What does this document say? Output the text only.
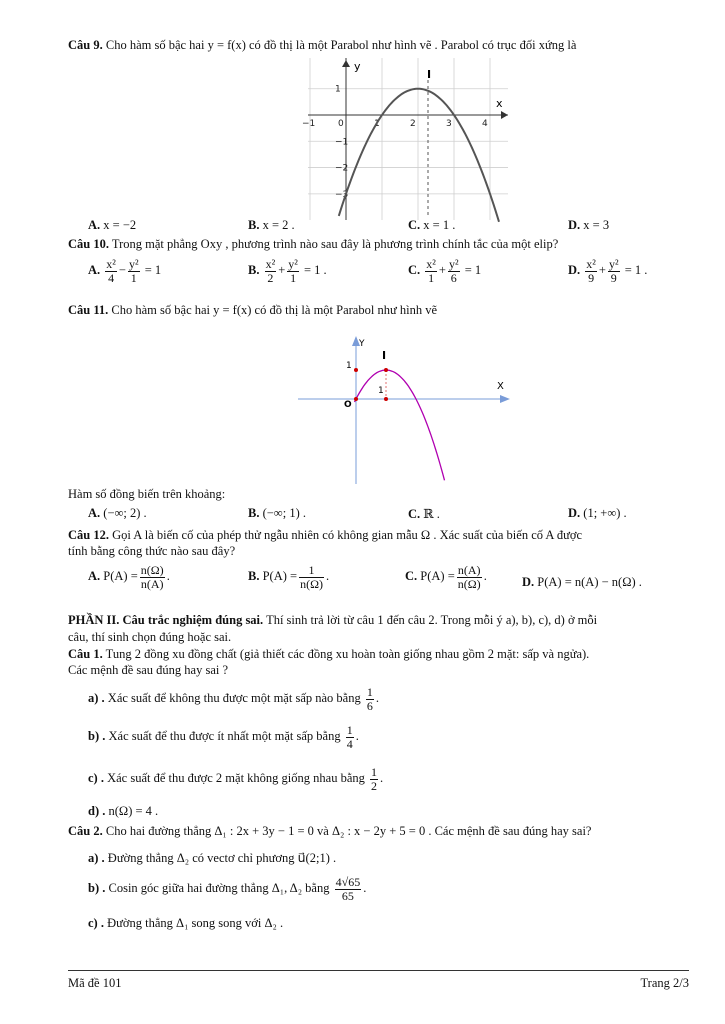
Câu 9. Cho hàm số bậc hai y = f(x) có đồ thị là một Parabol như hình vẽ . Parabol có trục đối xứng là
x
y
I
−1	0	1	2	3	4
1
−1
−2
−3
A. x = −2	B. x = 2 .	C. x = 1 .	D. x = 3
Câu 10. Trong mặt phẳng Oxy , phương trình nào sau đây là phương trình chính tắc của một elip?
A. $\frac{\text{x²}}{4} - \frac{\text{y²}}{1} = 1$	B. $\frac{\text{x²}}{2} + \frac{\text{y²}}{1} = 1$ .	C. $\frac{\text{x²}}{1} + \frac{\text{y²}}{6} = 1$	D. $\frac{\text{x²}}{9} + \frac{\text{y²}}{9} = 1$ .
Câu 11. Cho hàm số bậc hai y = f(x) có đồ thị là một Parabol như hình vẽ
Y
X
O
1
1
I
Hàm số đồng biến trên khoảng:
A. (−∞; 2) .	B. (−∞; 1) .	C. ℝ .	D. (1; +∞) .
Câu 12. Gọi A là biến cố của phép thử ngẫu nhiên có không gian mẫu Ω . Xác suất của biến cố A được
tính bằng công thức nào sau đây?
A. $P(A) = \frac{n(\Omega)}{n(A)}$ .	B. $P(A) = \frac{1}{n(\Omega)}$ .	C. $P(A) = \frac{n(A)}{n(\Omega)}$ .	D. P(A) = n(A) − n(Ω) .
PHẦN II. Câu trắc nghiệm đúng sai. Thí sinh trả lời từ câu 1 đến câu 2. Trong mỗi ý a), b), c), d) ở mỗi
câu, thí sinh chọn đúng hoặc sai.
Câu 1. Tung 2 đồng xu đồng chất (giả thiết các đồng xu hoàn toàn giống nhau gồm 2 mặt: sấp và ngửa).
Các mệnh đề sau đúng hay sai ?
a) . Xác suất để không thu được một mặt sấp nào bằng $\frac{1}{6}$ .
b) . Xác suất để thu được ít nhất một mặt sấp bằng $\frac{1}{4}$ .
c) . Xác suất để thu được 2 mặt không giống nhau bằng $\frac{1}{2}$ .
d) . n(Ω) = 4 .
Câu 2. Cho hai đường thẳng Δ₁ : 2x + 3y − 1 = 0 và Δ₂ : x − 2y + 5 = 0 . Các mệnh đề sau đúng hay sai?
a) . Đường thẳng Δ₂ có vectơ chỉ phương u⃗(2;1) .
b) . Cosin góc giữa hai đường thẳng Δ₁, Δ₂ bằng $\frac{4√65}{65}$ .
c) . Đường thẳng Δ₁ song song với Δ₂ .
Mã đề 101	Trang 2/3
